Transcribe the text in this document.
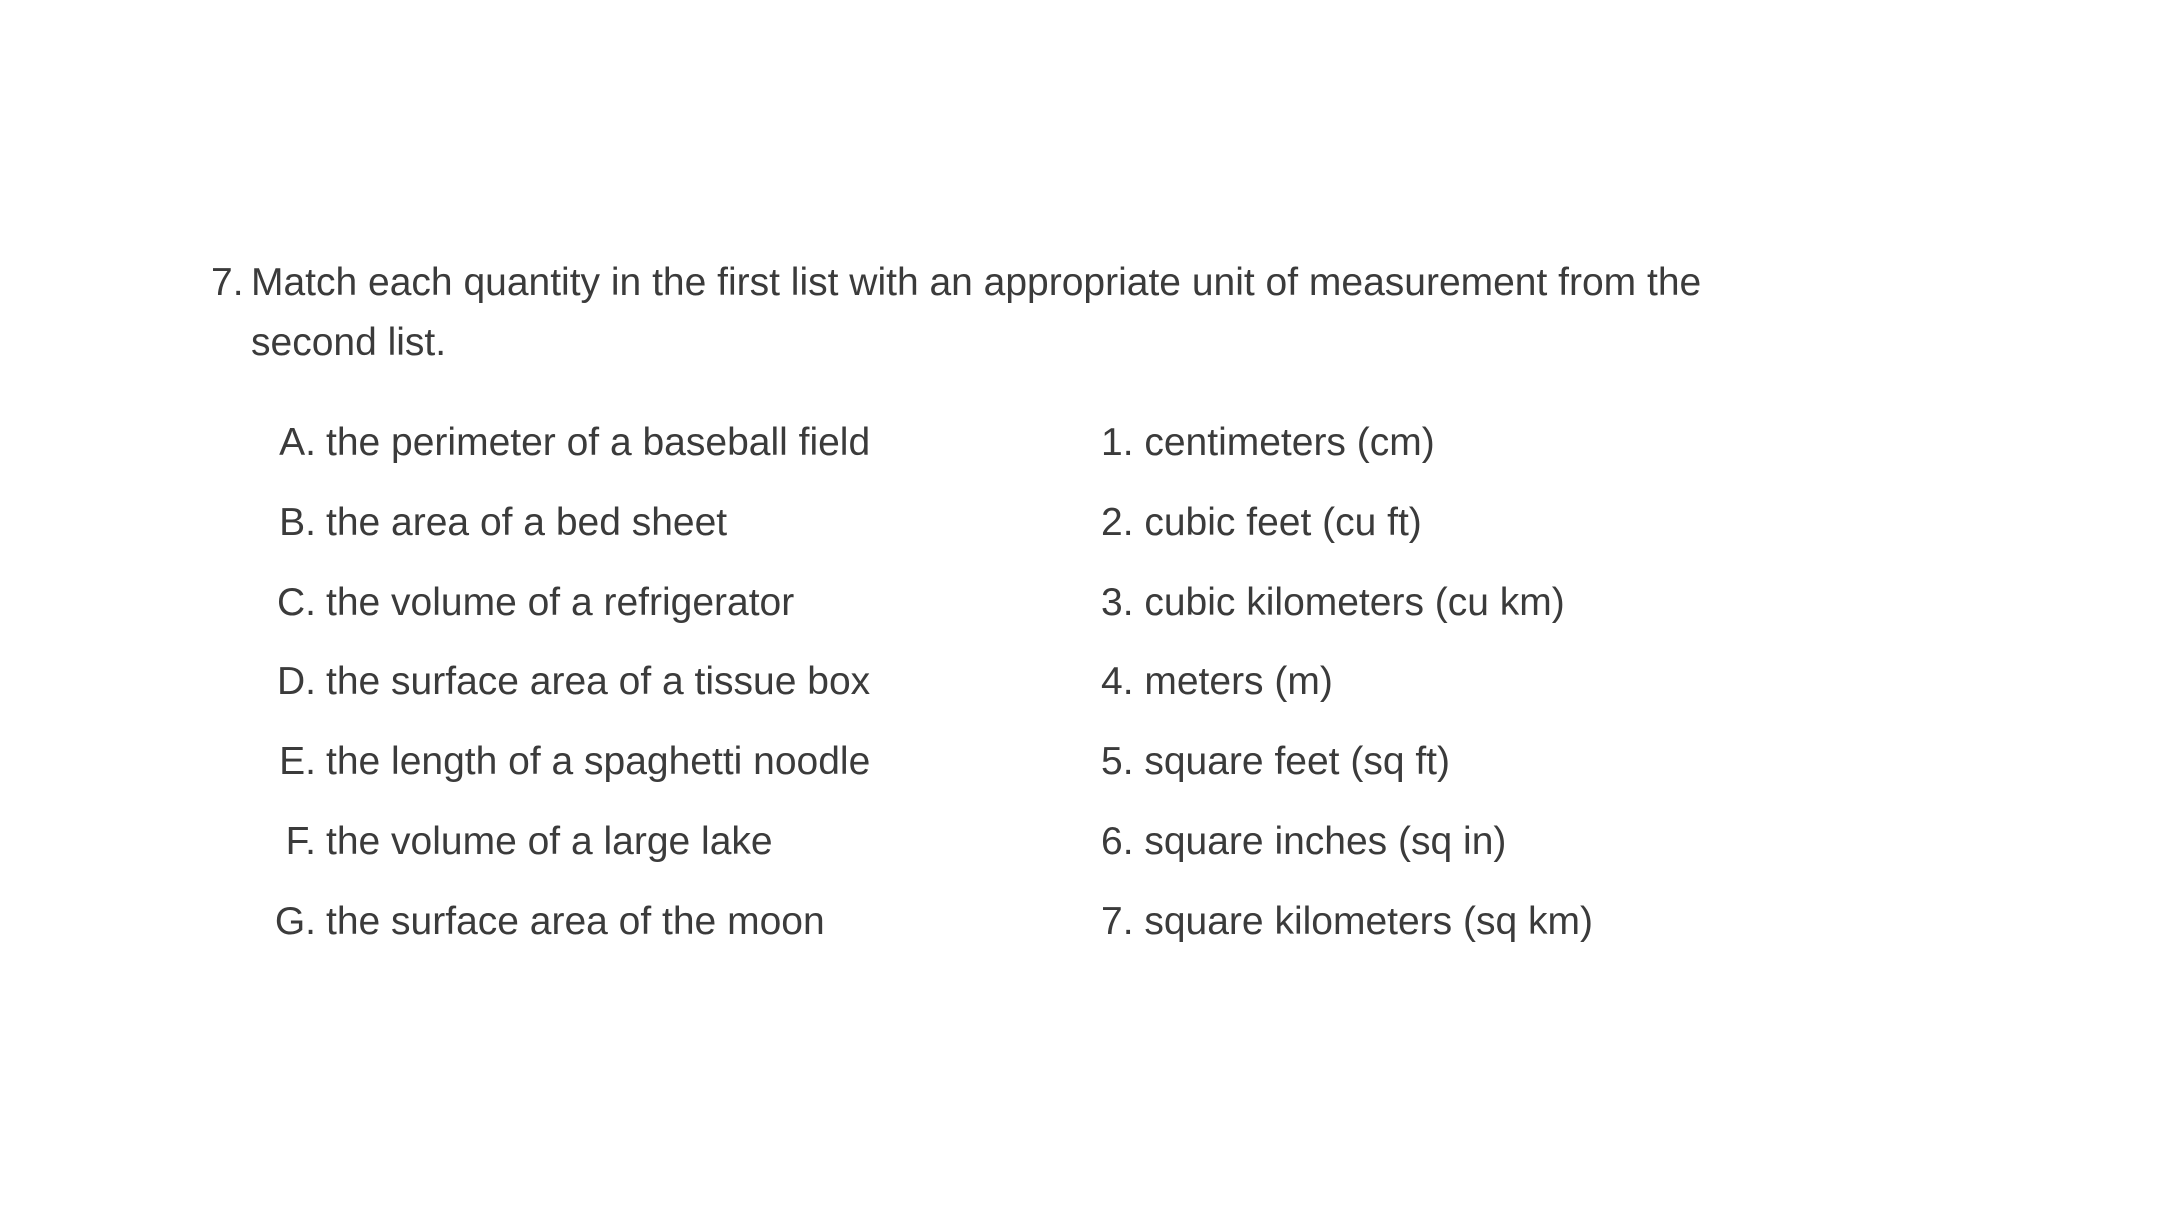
7. Match each quantity in the first list with an appropriate unit of measurement from the second list.
A. the perimeter of a baseball field	1. centimeters (cm)
B. the area of a bed sheet	2. cubic feet (cu ft)
C. the volume of a refrigerator	3. cubic kilometers (cu km)
D. the surface area of a tissue box	4. meters (m)
E. the length of a spaghetti noodle	5. square feet (sq ft)
F. the volume of a large lake	6. square inches (sq in)
G. the surface area of the moon	7. square kilometers (sq km)
